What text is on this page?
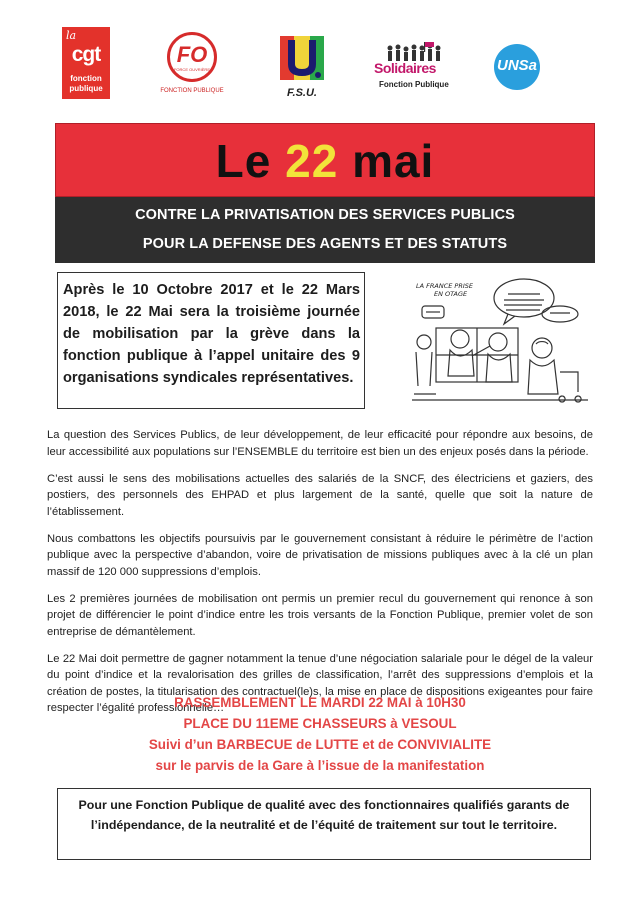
la
cgt
fonction
publique
FO
FORCE OUVRIÈRE
FONCTION PUBLIQUE	F.S.U.
Solidaires
Fonction Publique
UNSa
Le 22 mai
CONTRE LA PRIVATISATION DES SERVICES PUBLICS
POUR LA DEFENSE DES AGENTS ET DES STATUTS

Après le 10 Octobre 2017 et le 22 Mars 2018, le 22 Mai sera la troisième journée de mobilisation par la grève dans la fonction publique à l’appel unitaire des 9 organisations syndicales représentatives.

LA FRANCE PRISE
EN OTAGE

La question des Services Publics, de leur développement, de leur efficacité pour répondre aux besoins, de leur accessibilité aux populations sur l’ENSEMBLE du territoire est bien un des enjeux posés dans la période.

C’est aussi le sens des mobilisations actuelles des salariés de la SNCF, des électriciens et gaziers, des postiers, des personnels des EHPAD et plus largement de la santé, quelle que soit la nature de l’établissement.

Nous combattons les objectifs poursuivis par le gouvernement consistant à réduire le périmètre de l’action publique avec la perspective d’abandon, voire de privatisation de missions publiques avec à la clé un plan massif de 120 000 suppressions d’emplois.

Les 2 premières journées de mobilisation ont permis un premier recul du gouvernement qui renonce à son projet de différencier le point d’indice entre les trois versants de la Fonction Publique, premier volet de son entreprise de démantèlement.

Le 22 Mai doit permettre de gagner notamment la tenue d’une négociation salariale pour le dégel de la valeur du point d’indice et la revalorisation des grilles de classification, l’arrêt des suppressions d’emplois et la création de postes, la titularisation des contractuel(le)s, la mise en place de dispositions exigeantes pour faire respecter l’égalité professionnelle…

RASSEMBLEMENT LE MARDI 22 MAI à 10H30
PLACE DU 11EME CHASSEURS à VESOUL
Suivi d’un BARBECUE de LUTTE et de CONVIVIALITE
sur le parvis de la Gare à l’issue de la manifestation

Pour une Fonction Publique de qualité avec des fonctionnaires qualifiés garants de l’indépendance, de la neutralité et de l’équité de traitement sur tout le territoire.
